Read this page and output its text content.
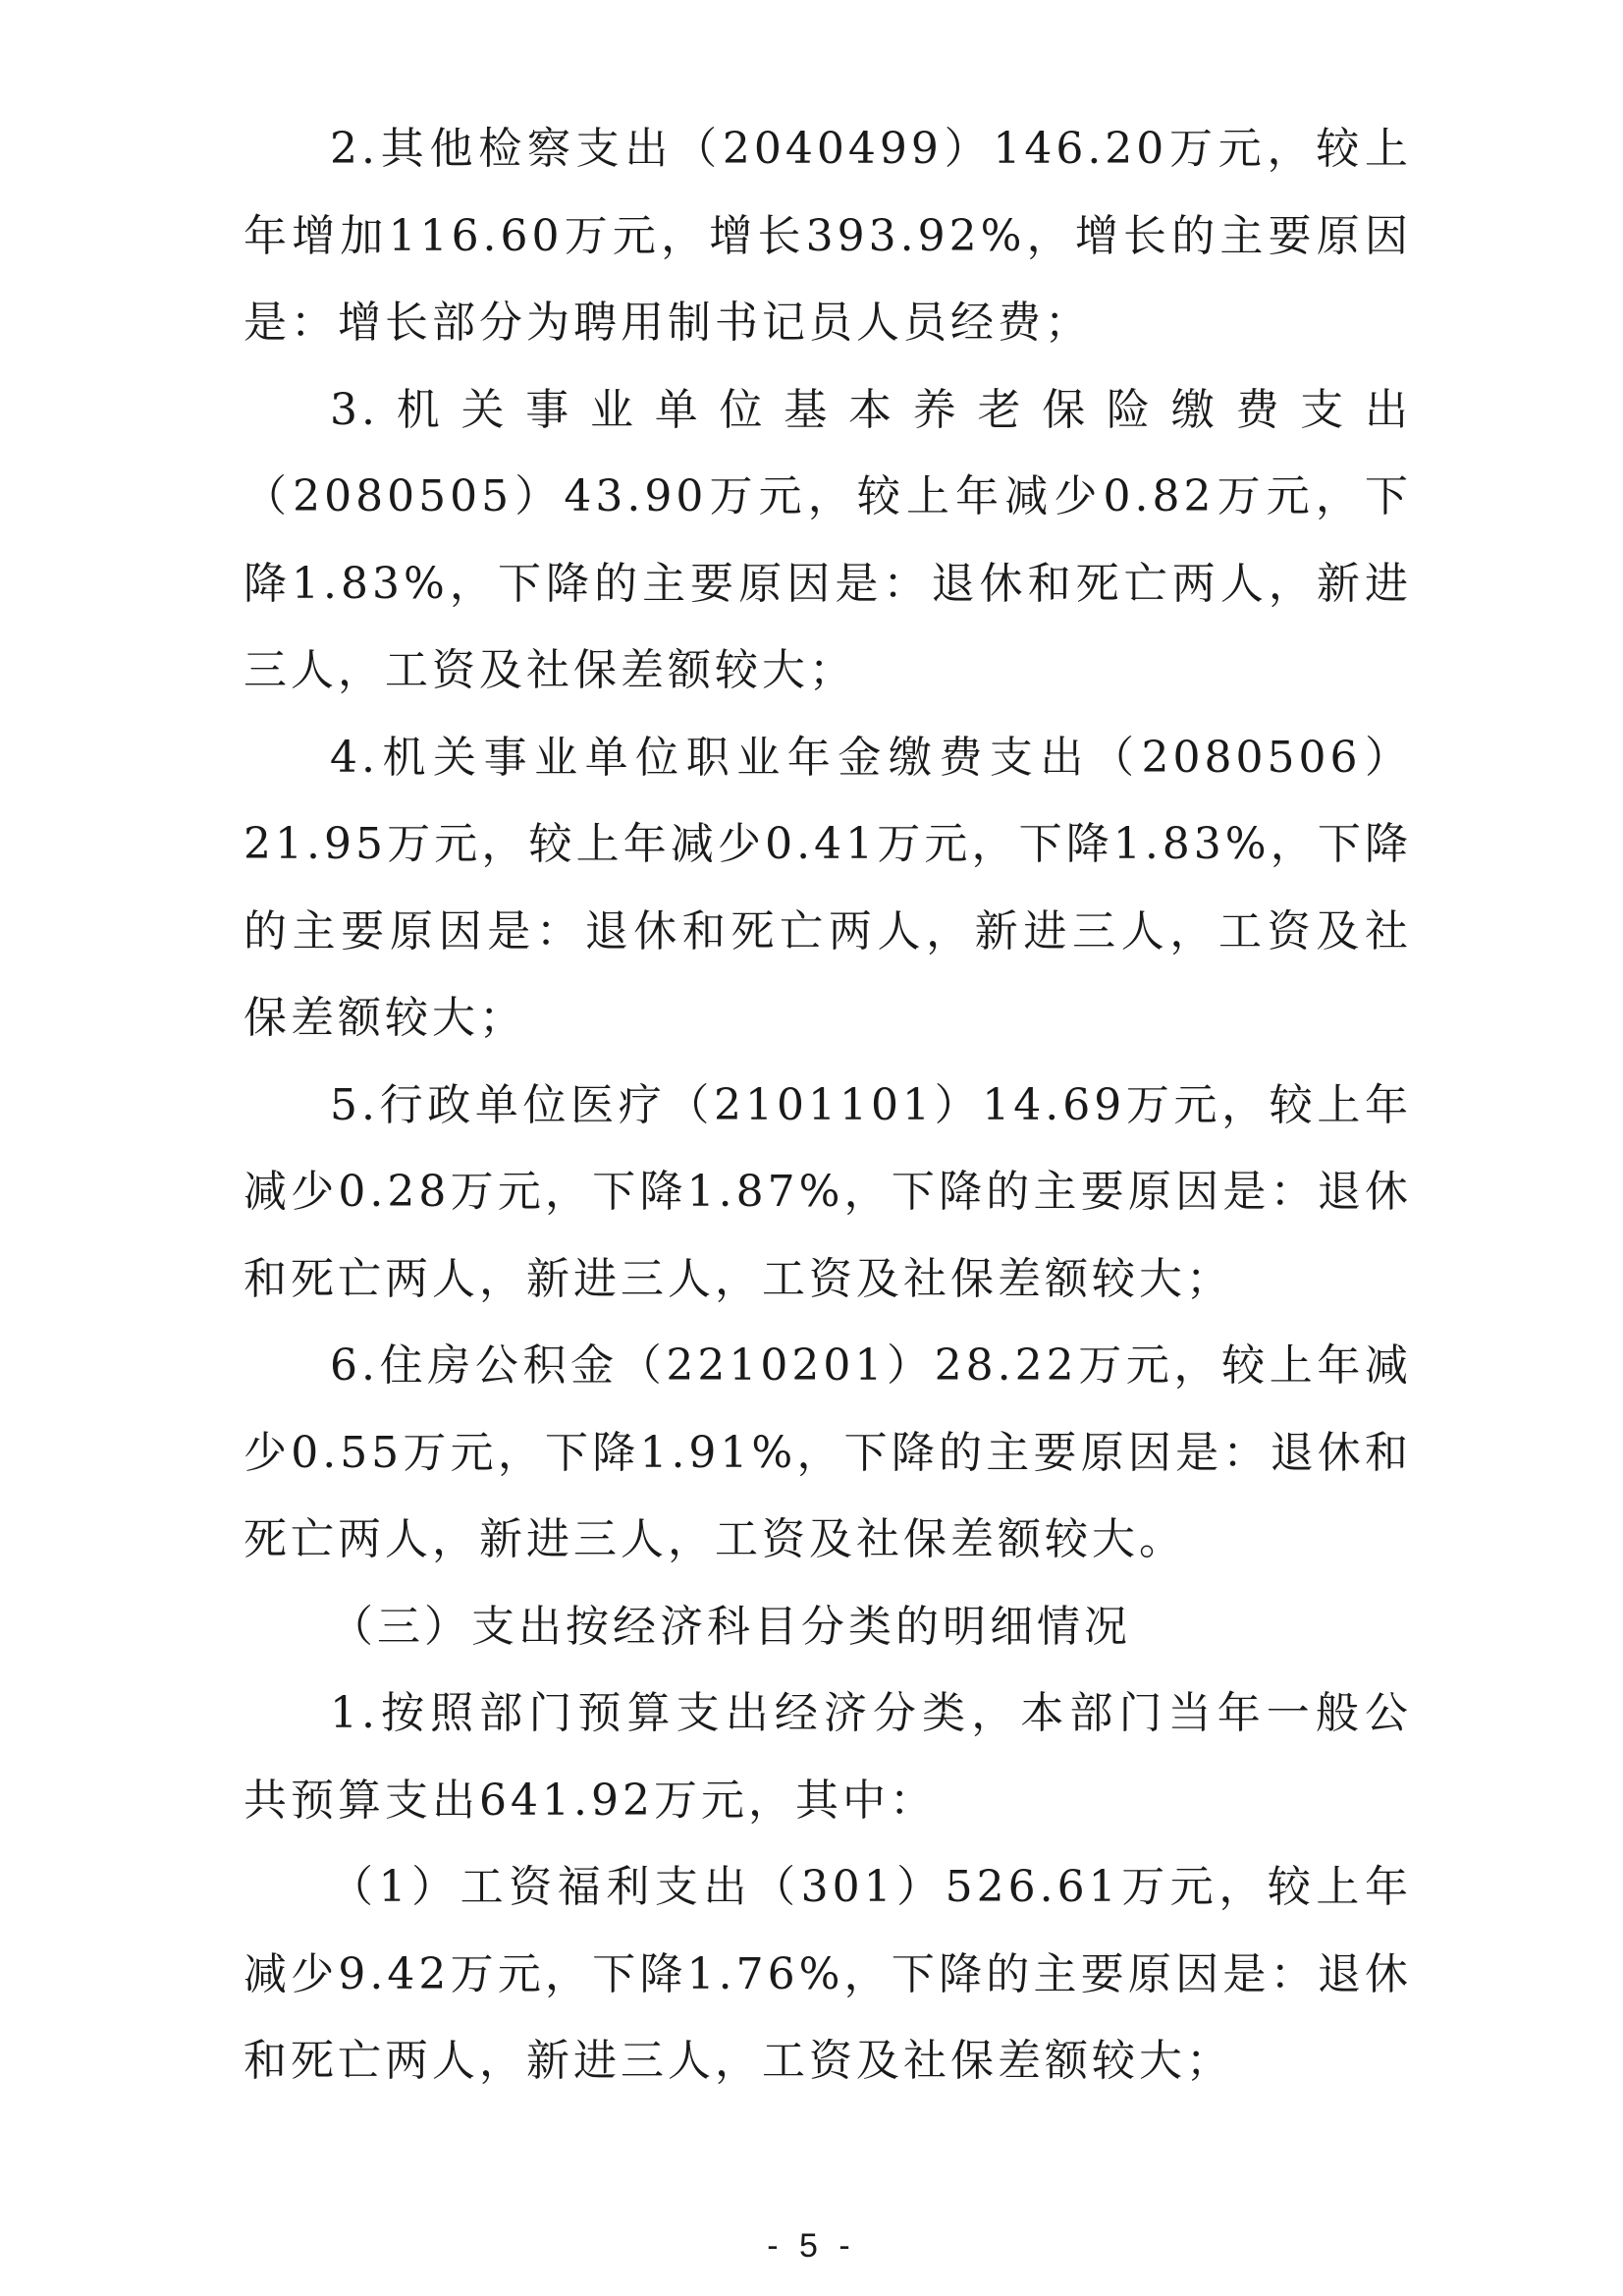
2.其他检察支出（2040499）146.20万元，较上年增加116.60万元，增长393.92%，增长的主要原因是：增长部分为聘用制书记员人员经费；

3.机关事业单位基本养老保险缴费支出（2080505）43.90万元，较上年减少0.82万元，下降1.83%，下降的主要原因是：退休和死亡两人，新进三人，工资及社保差额较大；

4.机关事业单位职业年金缴费支出（2080506）21.95万元，较上年减少0.41万元，下降1.83%，下降的主要原因是：退休和死亡两人，新进三人，工资及社保差额较大；

5.行政单位医疗（2101101）14.69万元，较上年减少0.28万元，下降1.87%，下降的主要原因是：退休和死亡两人，新进三人，工资及社保差额较大；

6.住房公积金（2210201）28.22万元，较上年减少0.55万元，下降1.91%，下降的主要原因是：退休和死亡两人，新进三人，工资及社保差额较大。

（三）支出按经济科目分类的明细情况

1.按照部门预算支出经济分类，本部门当年一般公共预算支出641.92万元，其中：

（1）工资福利支出（301）526.61万元，较上年减少9.42万元，下降1.76%，下降的主要原因是：退休和死亡两人，新进三人，工资及社保差额较大；

- 5 -
